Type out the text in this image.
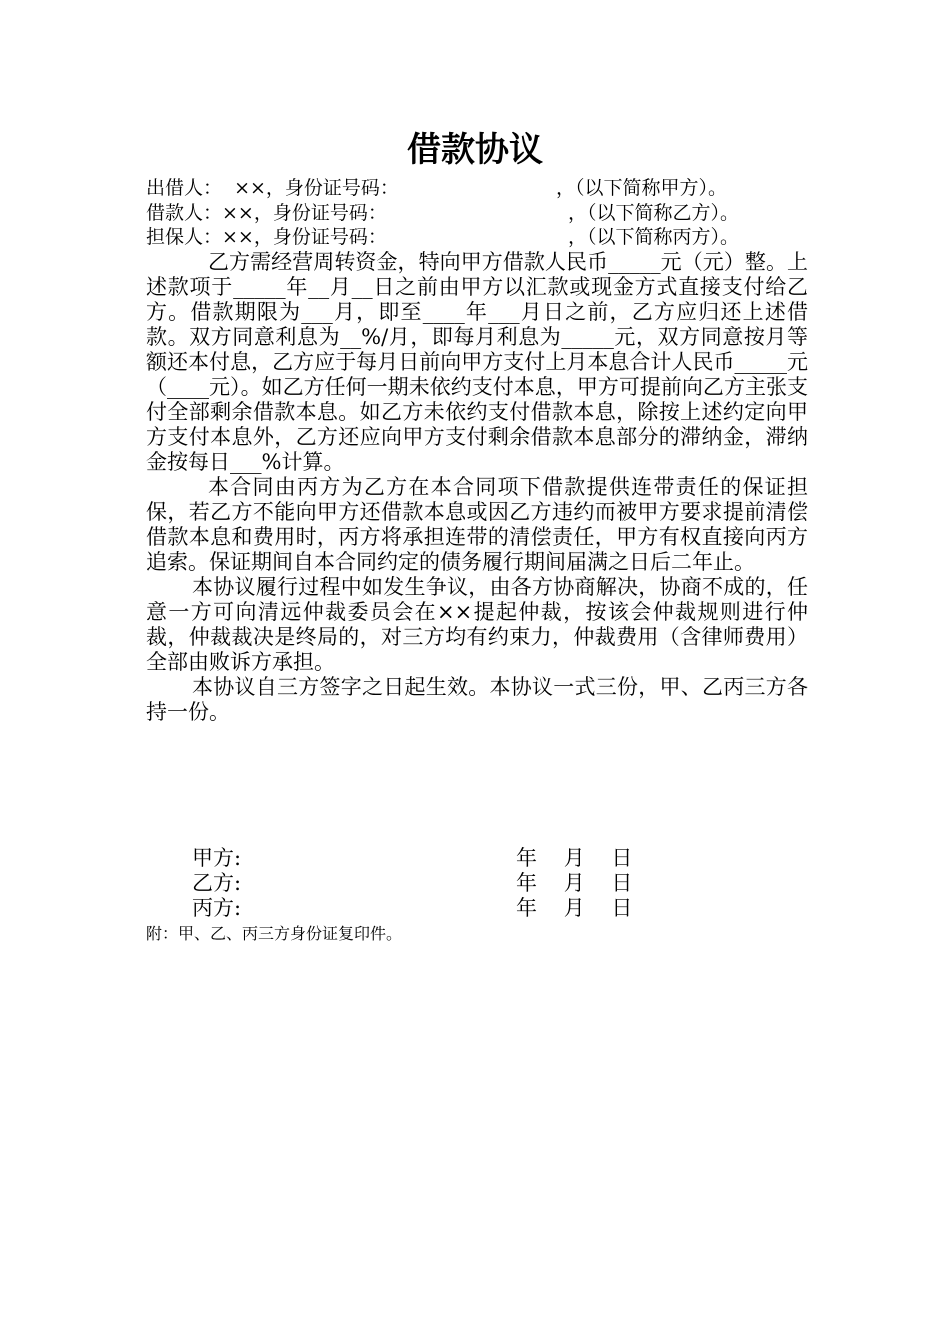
借款协议

出借人：  ××，身份证号码：                          ，（以下简称甲方）。

借款人：××，身份证号码：                              ，（以下简称乙方）。

担保人：××，身份证号码：                              ，（以下简称丙方）。

乙方需经营周转资金，特向甲方借款人民币_____元（元）整。上述款项于_____年__月__日之前由甲方以汇款或现金方式直接支付给乙方。借款期限为___月，即至____年___月日之前，乙方应归还上述借款。双方同意利息为__%/月，即每月利息为_____元，双方同意按月等额还本付息，乙方应于每月日前向甲方支付上月本息合计人民币_____元（____元）。如乙方任何一期未依约支付本息，甲方可提前向乙方主张支付全部剩余借款本息。如乙方未依约支付借款本息，除按上述约定向甲方支付本息外，乙方还应向甲方支付剩余借款本息部分的滞纳金，滞纳金按每日___%计算。

本合同由丙方为乙方在本合同项下借款提供连带责任的保证担保，若乙方不能向甲方还借款本息或因乙方违约而被甲方要求提前清偿借款本息和费用时，丙方将承担连带的清偿责任，甲方有权直接向丙方追索。保证期间自本合同约定的债务履行期间届满之日后二年止。

本协议履行过程中如发生争议，由各方协商解决，协商不成的，任意一方可向清远仲裁委员会在××提起仲裁，按该会仲裁规则进行仲裁，仲裁裁决是终局的，对三方均有约束力，仲裁费用（含律师费用）全部由败诉方承担。

本协议自三方签字之日起生效。本协议一式三份，甲、乙丙三方各持一份。

甲方:	年    月    日
乙方:	年    月    日
丙方:	年    月    日
附：甲、乙、丙三方身份证复印件。
